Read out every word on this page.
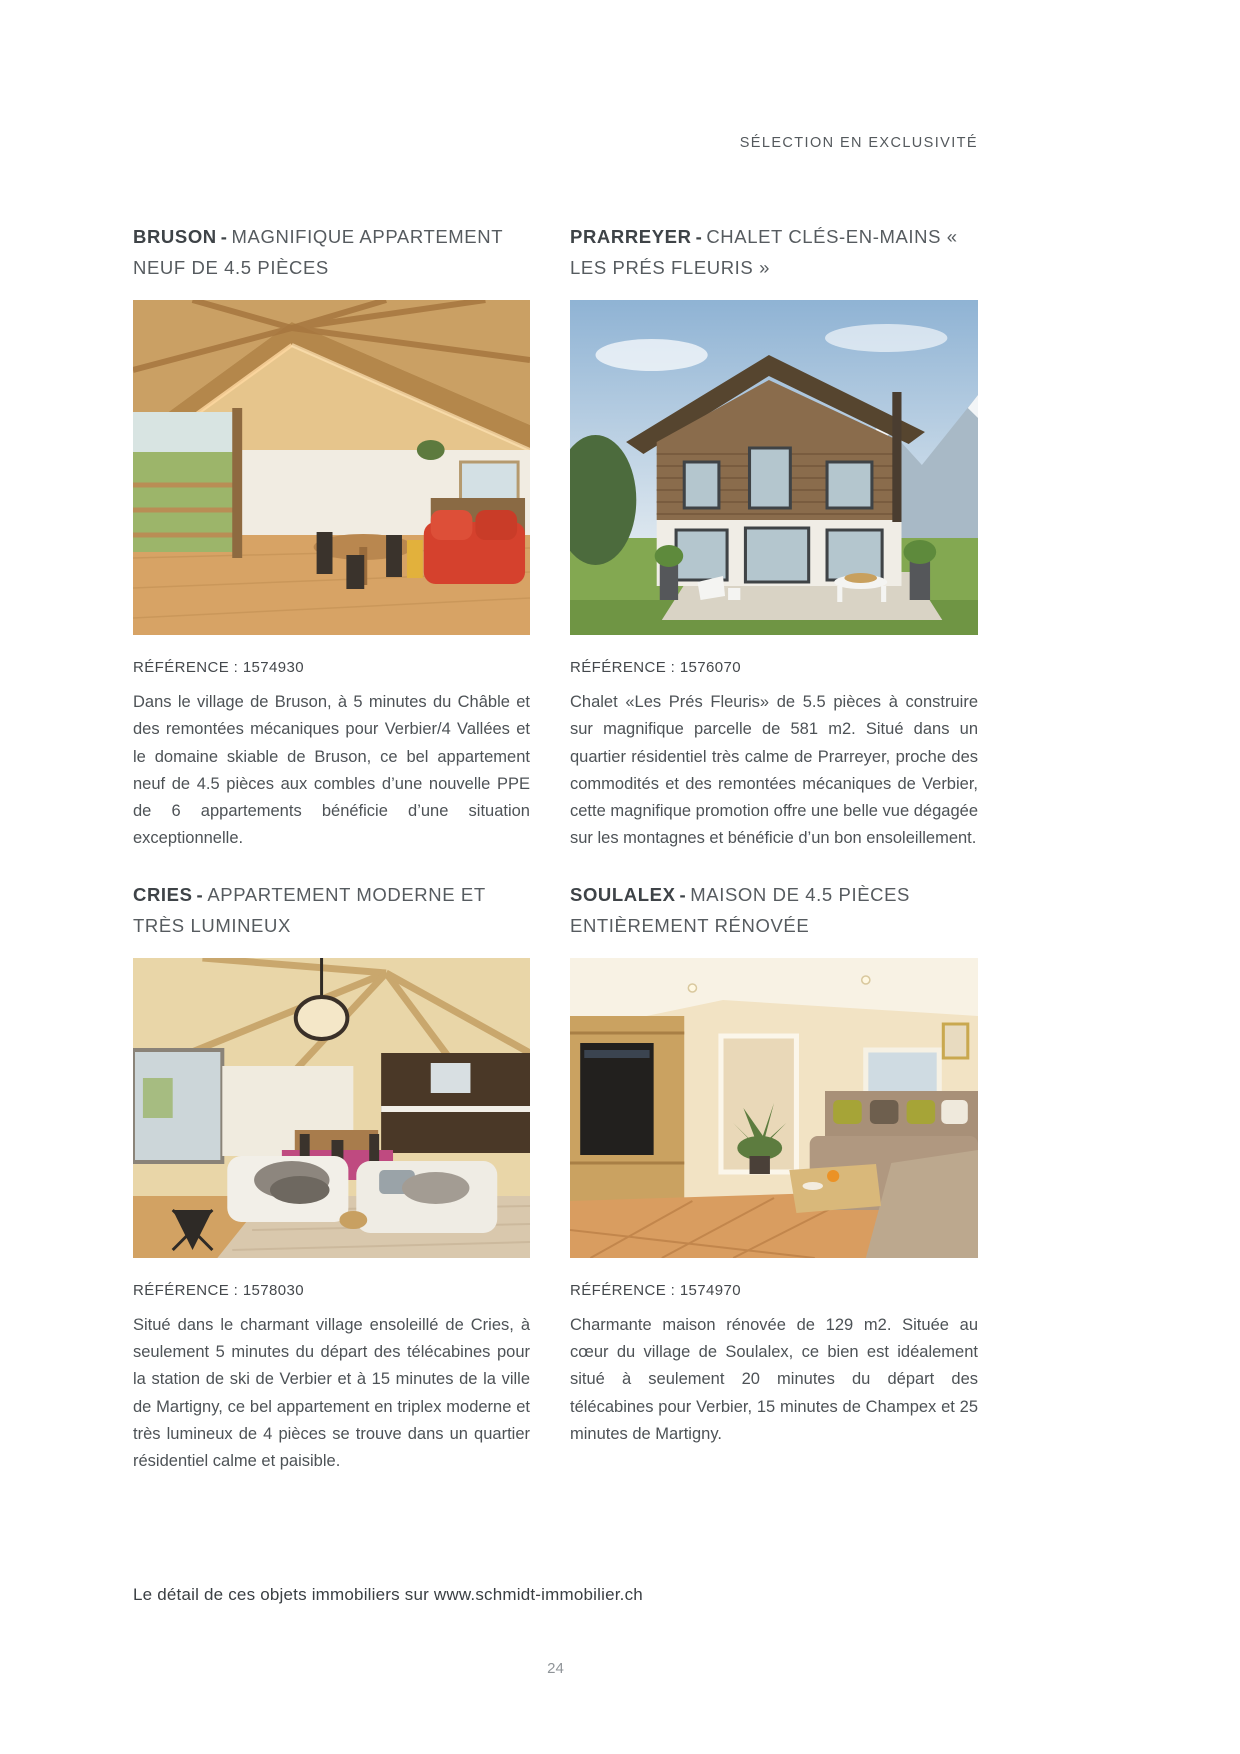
SÉLECTION EN EXCLUSIVITÉ
BRUSON - MAGNIFIQUE APPARTEMENT NEUF DE 4.5 PIÈCES
RÉFÉRENCE : 1574930

Dans le village de Bruson, à 5 minutes du Châble et des remontées mécaniques pour Verbier/4 Vallées et le domaine skiable de Bruson, ce bel appartement neuf de 4.5 pièces aux combles d’une nouvelle PPE de 6 appartements bénéficie d’une situation exceptionnelle.

PRARREYER - CHALET CLÉS-EN-MAINS « LES PRÉS FLEURIS »
RÉFÉRENCE : 1576070

Chalet «Les Prés Fleuris» de 5.5 pièces à construire sur magnifique parcelle de 581 m2. Situé dans un quartier résidentiel très calme de Prarreyer, proche des commodités et des remontées mécaniques de Verbier, cette magnifique promotion offre une belle vue dégagée sur les montagnes et bénéficie d’un bon ensoleillement.

CRIES - APPARTEMENT MODERNE ET TRÈS LUMINEUX
RÉFÉRENCE : 1578030

Situé dans le charmant village ensoleillé de Cries, à seulement 5 minutes du départ des télécabines pour la station de ski de Verbier et à 15 minutes de la ville de Martigny, ce bel appartement en triplex moderne et très lumineux de 4 pièces se trouve dans un quartier résidentiel calme et paisible.

SOULALEX - MAISON DE 4.5 PIÈCES ENTIÈREMENT RÉNOVÉE
RÉFÉRENCE : 1574970

Charmante maison rénovée de 129 m2. Située au cœur du village de Soulalex, ce bien est idéalement situé à seulement 20 minutes du départ des télécabines pour Verbier, 15 minutes de Champex et 25 minutes de Martigny.

Le détail de ces objets immobiliers sur www.schmidt-immobilier.ch
24
